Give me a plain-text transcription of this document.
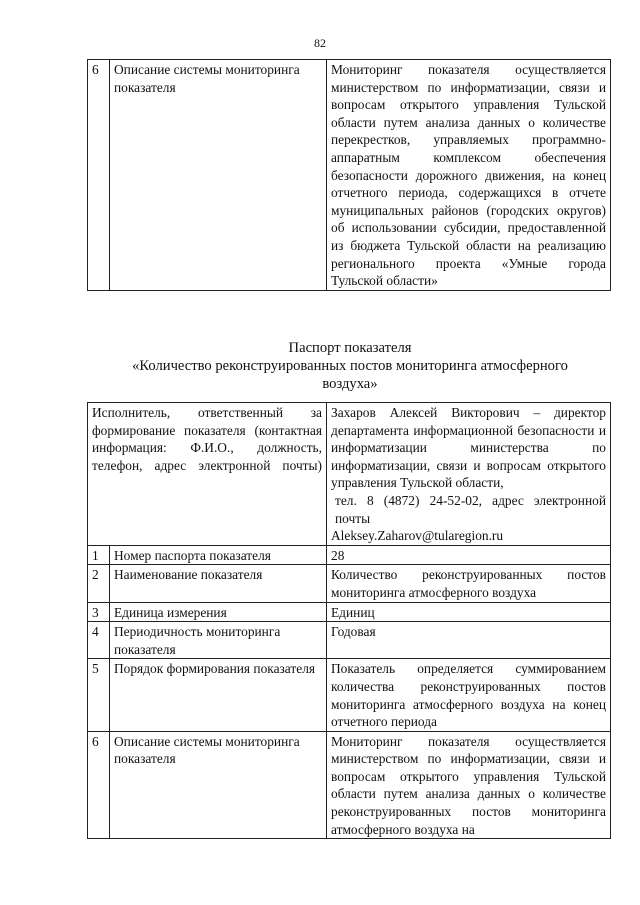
82
6	Описание системы мониторинга показателя	Мониторинг показателя осуществляется министерством по информатизации, связи и вопросам открытого управления Тульской области путем анализа данных о количестве перекрестков, управляемых программно-аппаратным комплексом обеспечения безопасности дорожного движения, на конец отчетного периода, содержащихся в отчете муниципальных районов (городских округов) об использовании субсидии, предоставленной из бюджета Тульской области на реализацию регионального проекта «Умные города Тульской области»
Паспорт показателя
«Количество реконструированных постов мониторинга атмосферного
воздуха»
Исполнитель, ответственный за формирование показателя (контактная информация: Ф.И.О., должность, телефон, адрес электронной почты)		Захаров Алексей Викторович – директор департамента информационной безопасности и информатизации министерства по информатизации, связи и вопросам открытого управления Тульской области,
тел. 8 (4872) 24-52-02, адрес электронной почты
Aleksey.Zaharov@tularegion.ru

1	Номер паспорта показателя	28
2	Наименование показателя	Количество реконструированных постов мониторинга атмосферного воздуха
3	Единица измерения	Единиц
4	Периодичность мониторинга показателя	Годовая
5	Порядок формирования показателя	Показатель определяется суммированием количества реконструированных постов мониторинга атмосферного воздуха на конец отчетного периода
6	Описание системы мониторинга показателя	Мониторинг показателя осуществляется министерством по информатизации, связи и вопросам открытого управления Тульской области путем анализа данных о количестве реконструированных постов мониторинга атмосферного воздуха на
